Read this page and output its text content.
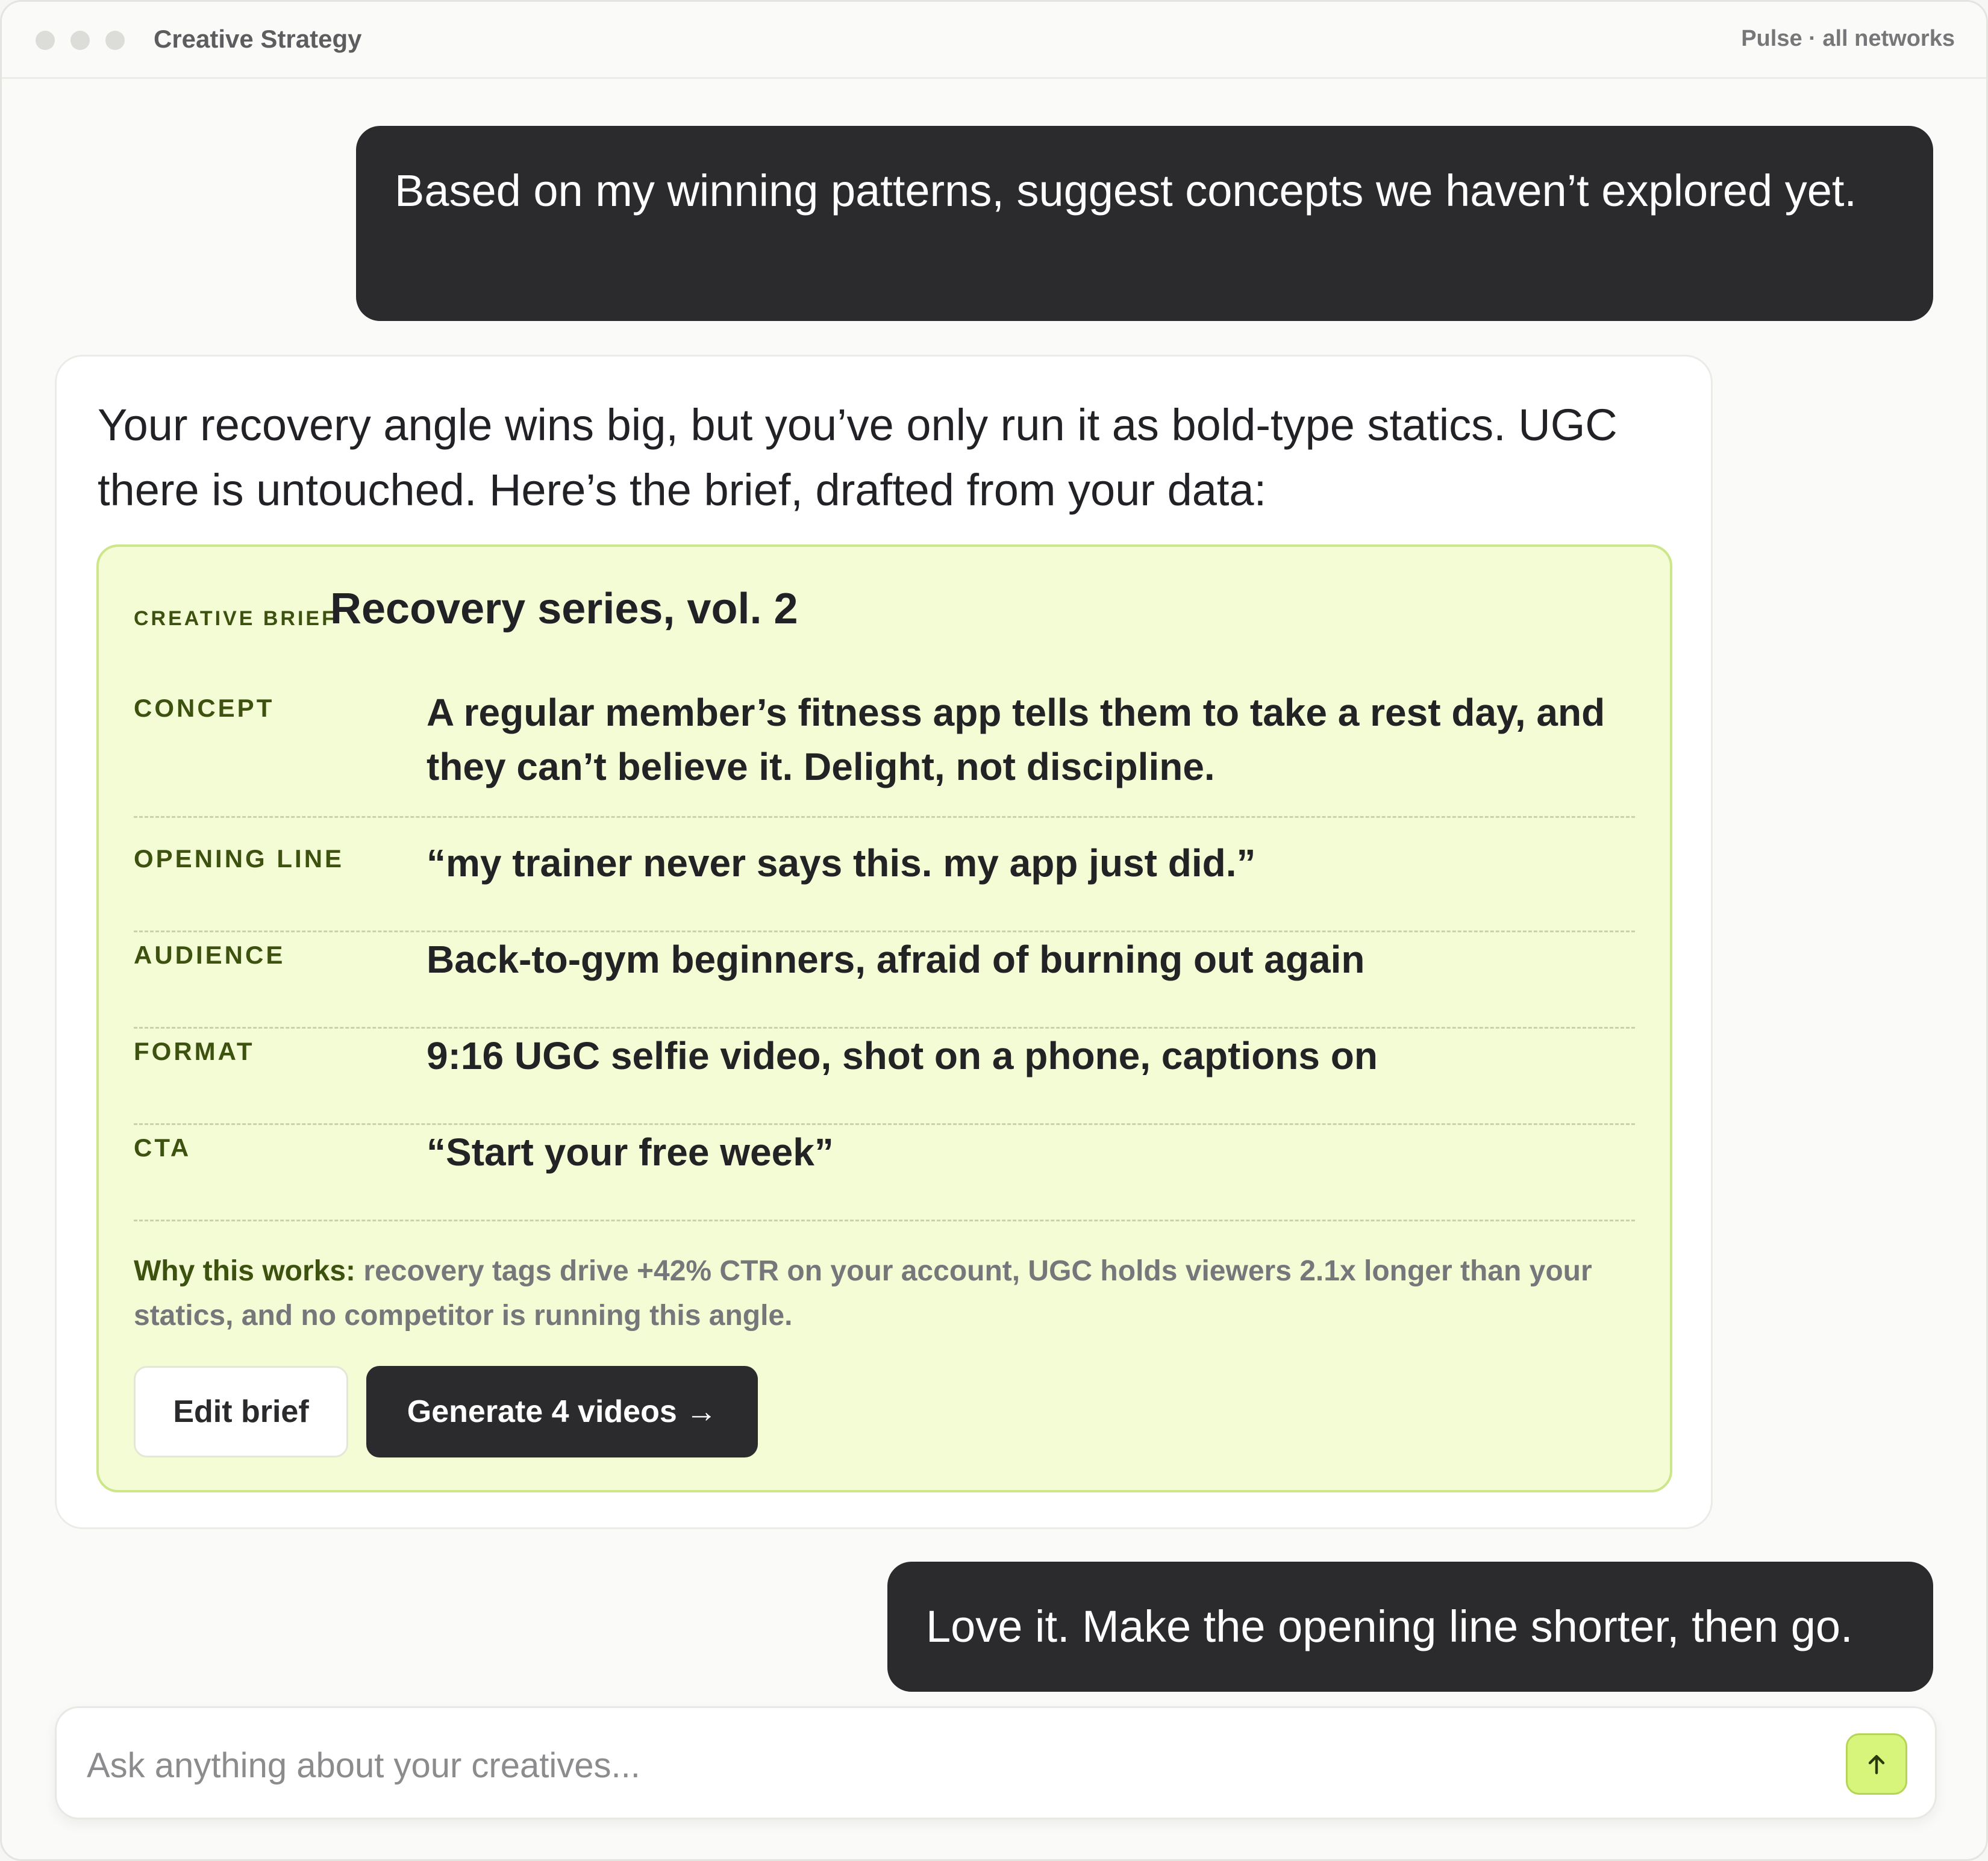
Creative Strategy	Pulse · all networks
Based on my winning patterns, suggest concepts we haven’t explored yet.
Your recovery angle wins big, but you’ve only run it as bold-type statics. UGC there is untouched. Here’s the brief, drafted from your data:
CREATIVE BRIEF
Recovery series, vol. 2
CONCEPT	A regular member’s fitness app tells them to take a rest day, and they can’t believe it. Delight, not discipline.
OPENING LINE “my trainer never says this. my app just did.”
AUDIENCE	Back-to-gym beginners, afraid of burning out again
FORMAT	9:16 UGC selfie video, shot on a phone, captions on
CTA	“Start your free week”
Why this works: recovery tags drive +42% CTR on your account, UGC holds viewers 2.1x longer than your statics, and no competitor is running this angle.
Edit brief	Generate 4 videos →
Love it. Make the opening line shorter, then go.
Ask anything about your creatives...
